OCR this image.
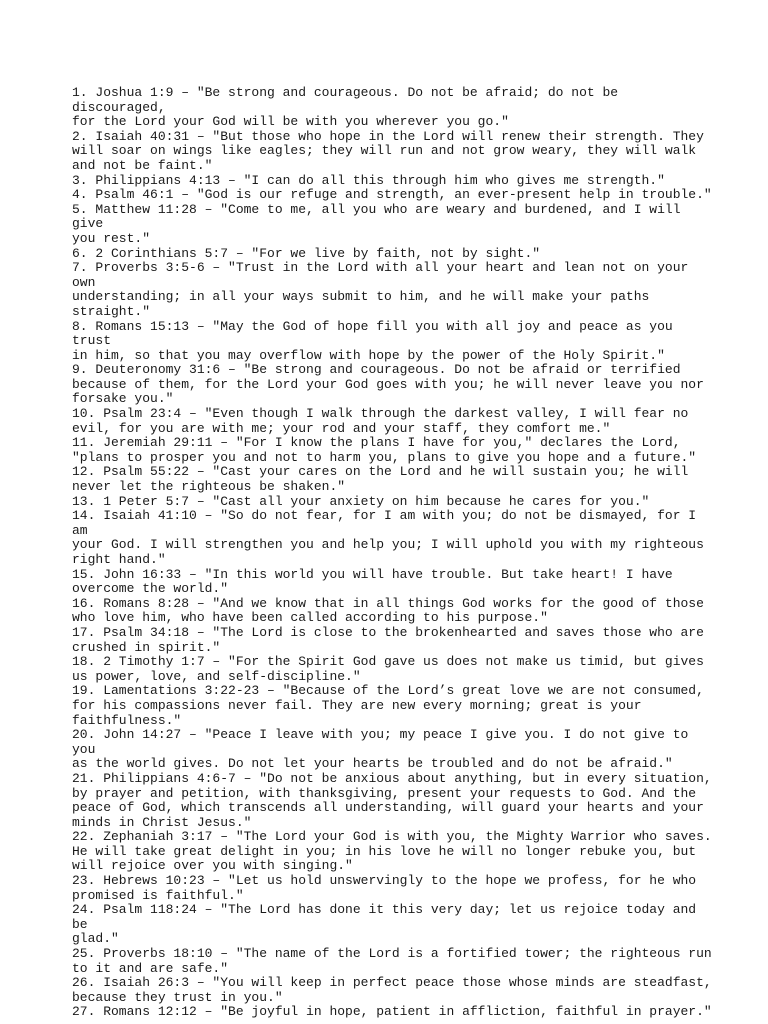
1. Joshua 1:9 – "Be strong and courageous. Do not be afraid; do not be discouraged,
for the Lord your God will be with you wherever you go."
2. Isaiah 40:31 – "But those who hope in the Lord will renew their strength. They
will soar on wings like eagles; they will run and not grow weary, they will walk
and not be faint."
3. Philippians 4:13 – "I can do all this through him who gives me strength."
4. Psalm 46:1 – "God is our refuge and strength, an ever-present help in trouble."
5. Matthew 11:28 – "Come to me, all you who are weary and burdened, and I will give
you rest."
6. 2 Corinthians 5:7 – "For we live by faith, not by sight."
7. Proverbs 3:5-6 – "Trust in the Lord with all your heart and lean not on your own
understanding; in all your ways submit to him, and he will make your paths
straight."
8. Romans 15:13 – "May the God of hope fill you with all joy and peace as you trust
in him, so that you may overflow with hope by the power of the Holy Spirit."
9. Deuteronomy 31:6 – "Be strong and courageous. Do not be afraid or terrified
because of them, for the Lord your God goes with you; he will never leave you nor
forsake you."
10. Psalm 23:4 – "Even though I walk through the darkest valley, I will fear no
evil, for you are with me; your rod and your staff, they comfort me."
11. Jeremiah 29:11 – "For I know the plans I have for you," declares the Lord,
"plans to prosper you and not to harm you, plans to give you hope and a future."
12. Psalm 55:22 – "Cast your cares on the Lord and he will sustain you; he will
never let the righteous be shaken."
13. 1 Peter 5:7 – "Cast all your anxiety on him because he cares for you."
14. Isaiah 41:10 – "So do not fear, for I am with you; do not be dismayed, for I am
your God. I will strengthen you and help you; I will uphold you with my righteous
right hand."
15. John 16:33 – "In this world you will have trouble. But take heart! I have
overcome the world."
16. Romans 8:28 – "And we know that in all things God works for the good of those
who love him, who have been called according to his purpose."
17. Psalm 34:18 – "The Lord is close to the brokenhearted and saves those who are
crushed in spirit."
18. 2 Timothy 1:7 – "For the Spirit God gave us does not make us timid, but gives
us power, love, and self-discipline."
19. Lamentations 3:22-23 – "Because of the Lord’s great love we are not consumed,
for his compassions never fail. They are new every morning; great is your
faithfulness."
20. John 14:27 – "Peace I leave with you; my peace I give you. I do not give to you
as the world gives. Do not let your hearts be troubled and do not be afraid."
21. Philippians 4:6-7 – "Do not be anxious about anything, but in every situation,
by prayer and petition, with thanksgiving, present your requests to God. And the
peace of God, which transcends all understanding, will guard your hearts and your
minds in Christ Jesus."
22. Zephaniah 3:17 – "The Lord your God is with you, the Mighty Warrior who saves.
He will take great delight in you; in his love he will no longer rebuke you, but
will rejoice over you with singing."
23. Hebrews 10:23 – "Let us hold unswervingly to the hope we profess, for he who
promised is faithful."
24. Psalm 118:24 – "The Lord has done it this very day; let us rejoice today and be
glad."
25. Proverbs 18:10 – "The name of the Lord is a fortified tower; the righteous run
to it and are safe."
26. Isaiah 26:3 – "You will keep in perfect peace those whose minds are steadfast,
because they trust in you."
27. Romans 12:12 – "Be joyful in hope, patient in affliction, faithful in prayer."
